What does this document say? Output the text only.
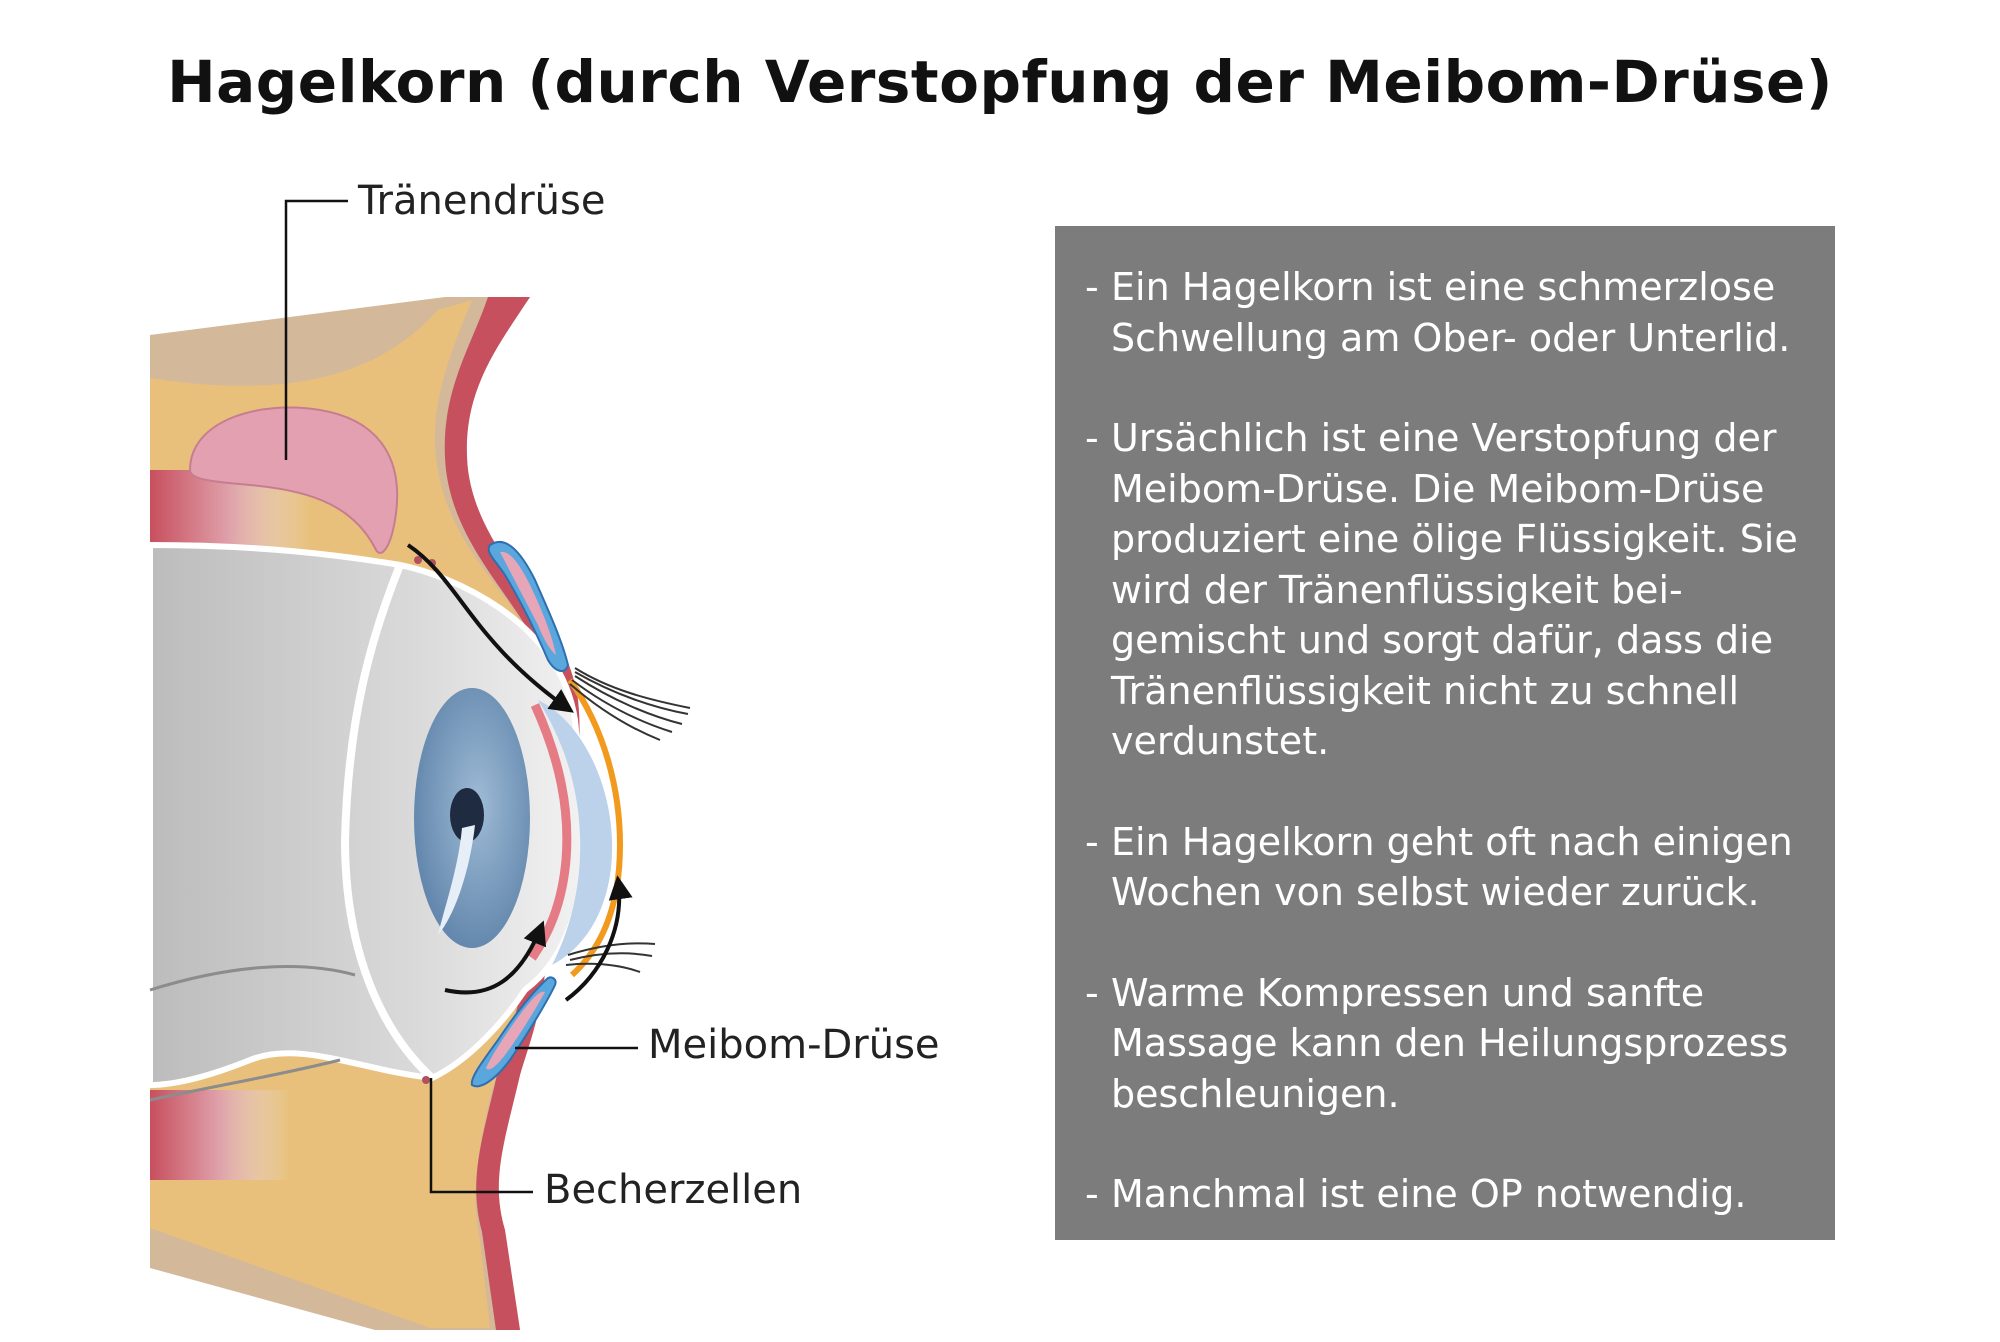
Hagelkorn (durch Verstopfung der Meibom-Drüse)
Tränendrüse
Meibom-Drüse
Becherzellen
- Ein Hagelkorn ist eine schmerzlose Schwellung am Ober- oder Unterlid.
- Ursächlich ist eine Verstopfung der Meibom-Drüse. Die Meibom-Drüse produziert eine ölige Flüssigkeit. Sie wird der Tränenflüssigkeit bei-gemischt und sorgt dafür, dass die Tränenflüssigkeit nicht zu schnell verdunstet.
- Ein Hagelkorn geht oft nach einigen Wochen von selbst wieder zurück.
- Warme Kompressen und sanfte Massage kann den Heilungsprozess beschleunigen.
- Manchmal ist eine OP notwendig.
